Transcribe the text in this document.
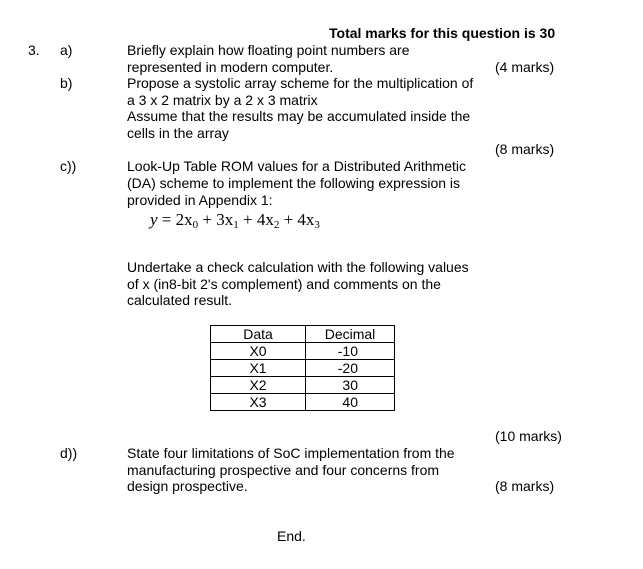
Total marks for this question is 30
3. a)	Briefly explain how floating point numbers are
represented in modern computer.	(4 marks)
b)	Propose a systolic array scheme for the multiplication of
a 3 x 2 matrix by a 2 x 3 matrix
Assume that the results may be accumulated inside the
cells in the array
(8 marks)
c))	Look-Up Table ROM values for a Distributed Arithmetic
(DA) scheme to implement the following expression is
provided in Appendix 1:
$y = 2x_0 + 3x_1 + 4x_2 + 4x_3$
Undertake a check calculation with the following values
of x (in8-bit 2's complement) and comments on the
calculated result.
Data	Decimal
X0	-10
X1	-20
X2	30
X3	40
(10 marks)
d))	State four limitations of SoC implementation from the
manufacturing prospective and four concerns from
design prospective.	(8 marks)
End.
